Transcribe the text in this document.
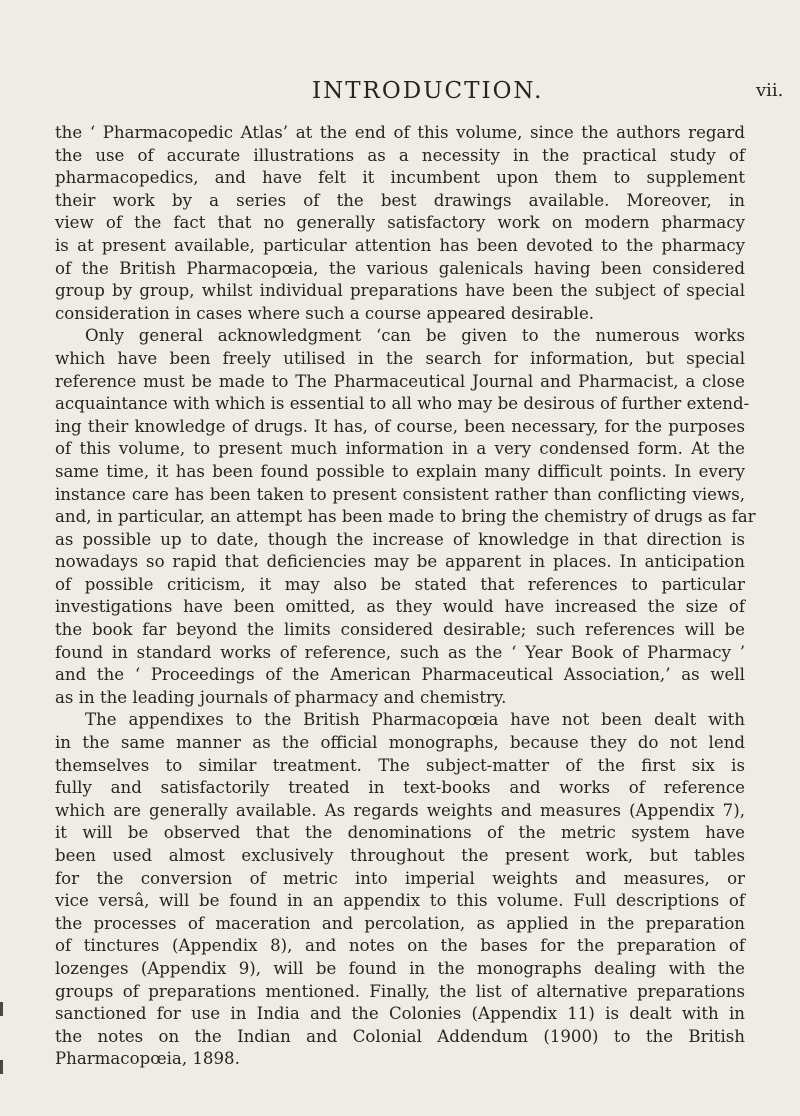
INTRODUCTION.	vii.
the ‘ Pharmacopedic Atlas’ at the end of this volume, since the authors regard
the use of accurate illustrations as a necessity in the practical study of
pharmacopedics, and have felt it incumbent upon them to supplement
their work by a series of the best drawings available. Moreover, in
view of the fact that no generally satisfactory work on modern pharmacy
is at present available, particular attention has been devoted to the pharmacy
of the British Pharmacopœia, the various galenicals having been considered
group by group, whilst individual preparations have been the subject of special
consideration in cases where such a course appeared desirable.
Only general acknowledgment ‘can be given to the numerous works
which have been freely utilised in the search for information, but special
reference must be made to The Pharmaceutical Journal and Pharmacist, a close
acquaintance with which is essential to all who may be desirous of further extend-
ing their knowledge of drugs. It has, of course, been necessary, for the purposes
of this volume, to present much information in a very condensed form. At the
same time, it has been found possible to explain many difficult points. In every
instance care has been taken to present consistent rather than conflicting views,
and, in particular, an attempt has been made to bring the chemistry of drugs as far
as possible up to date, though the increase of knowledge in that direction is
nowadays so rapid that deficiencies may be apparent in places. In anticipation
of possible criticism, it may also be stated that references to particular
investigations have been omitted, as they would have increased the size of
the book far beyond the limits considered desirable; such references will be
found in standard works of reference, such as the ‘ Year Book of Pharmacy ’
and the ‘ Proceedings of the American Pharmaceutical Association,’ as well
as in the leading journals of pharmacy and chemistry.
The appendixes to the British Pharmacopœia have not been dealt with
in the same manner as the official monographs, because they do not lend
themselves to similar treatment. The subject-matter of the first six is
fully and satisfactorily treated in text-books and works of reference
which are generally available. As regards weights and measures (Appendix 7),
it will be observed that the denominations of the metric system have
been used almost exclusively throughout the present work, but tables
for the conversion of metric into imperial weights and measures, or
vice versâ, will be found in an appendix to this volume. Full descriptions of
the processes of maceration and percolation, as applied in the preparation
of tinctures (Appendix 8), and notes on the bases for the preparation of
lozenges (Appendix 9), will be found in the monographs dealing with the
groups of preparations mentioned. Finally, the list of alternative preparations
sanctioned for use in India and the Colonies (Appendix 11) is dealt with in
the notes on the Indian and Colonial Addendum (1900) to the British
Pharmacopœia, 1898.
